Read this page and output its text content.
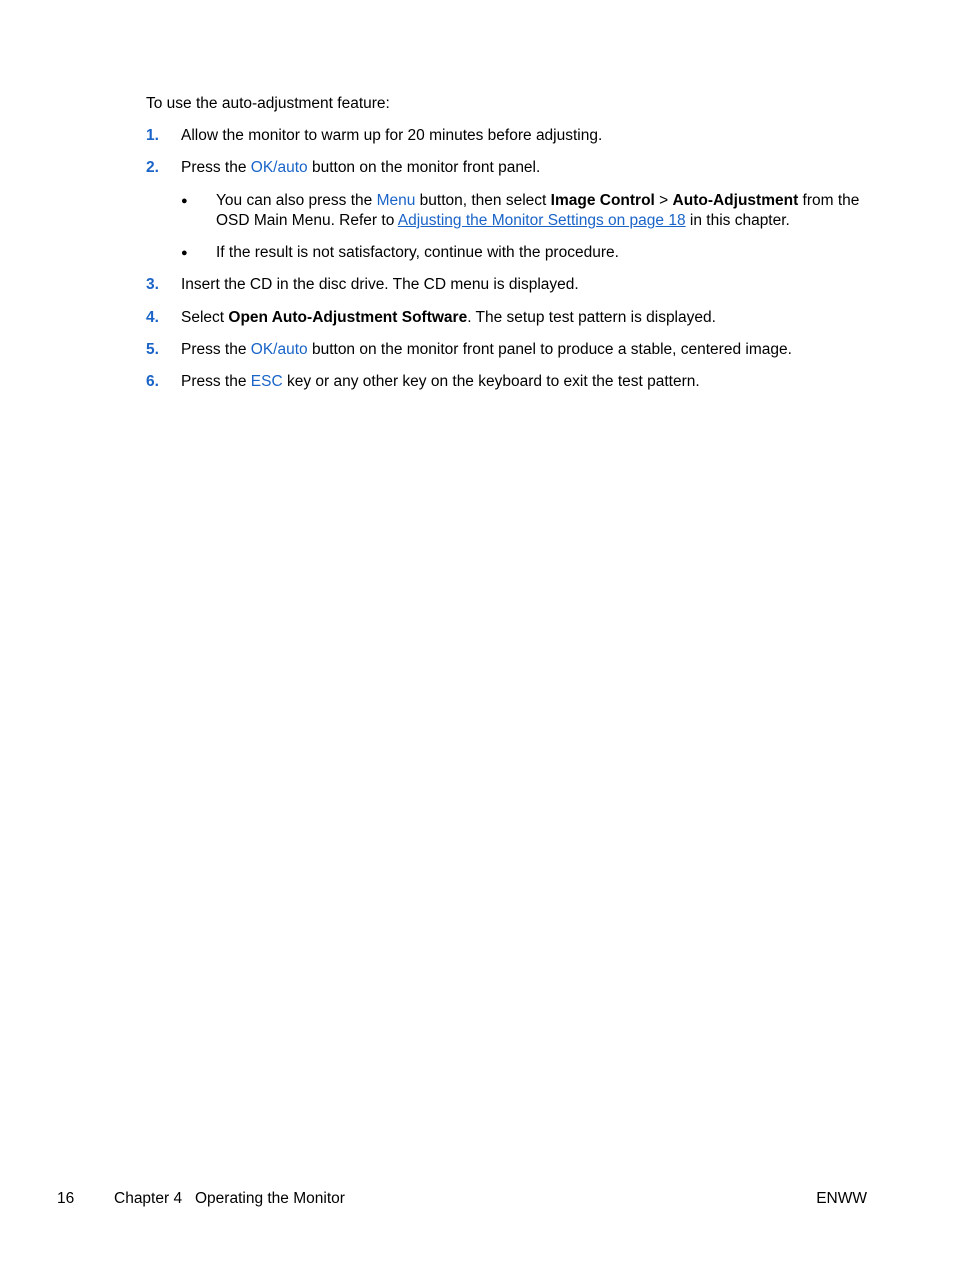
To use the auto-adjustment feature:
1. Allow the monitor to warm up for 20 minutes before adjusting.
2. Press the OK/auto button on the monitor front panel.
● You can also press the Menu button, then select Image Control > Auto-Adjustment from the OSD Main Menu. Refer to Adjusting the Monitor Settings on page 18 in this chapter.
● If the result is not satisfactory, continue with the procedure.
3. Insert the CD in the disc drive. The CD menu is displayed.
4. Select Open Auto-Adjustment Software. The setup test pattern is displayed.
5. Press the OK/auto button on the monitor front panel to produce a stable, centered image.
6. Press the ESC key or any other key on the keyboard to exit the test pattern.
16	Chapter 4   Operating the Monitor	ENWW
